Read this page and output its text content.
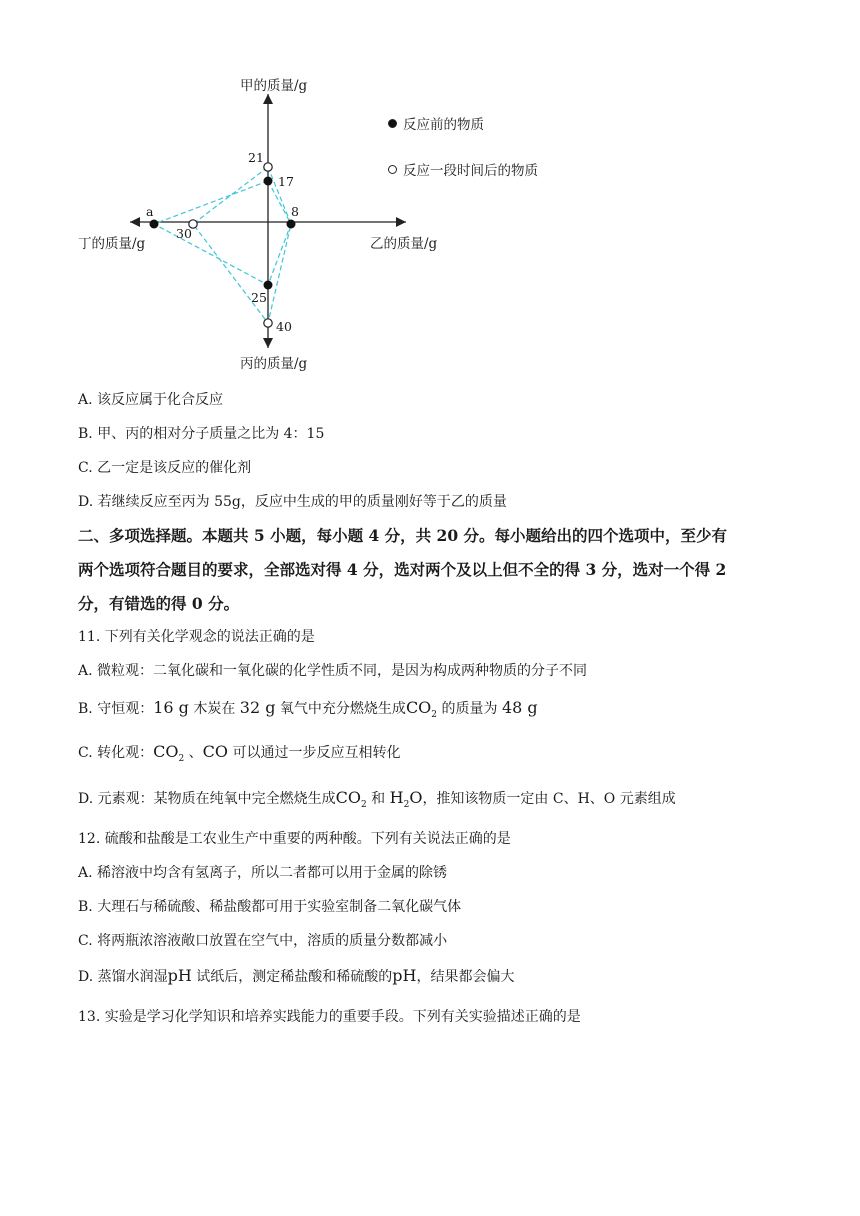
甲的质量/g
乙的质量/g
丙的质量/g
丁的质量/g
21
17
8
25
40
a
30
反应前的物质
反应一段时间后的物质
A. 该反应属于化合反应
B. 甲、丙的相对分子质量之比为 4：15
C. 乙一定是该反应的催化剂
D. 若继续反应至丙为 55g，反应中生成的甲的质量刚好等于乙的质量
二、多项选择题。本题共 5 小题，每小题 4 分，共 20 分。每小题给出的四个选项中，至少有
两个选项符合题目的要求，全部选对得 4 分，选对两个及以上但不全的得 3 分，选对一个得 2
分，有错选的得 0 分。
11. 下列有关化学观念的说法正确的是
A. 微粒观：二氧化碳和一氧化碳的化学性质不同，是因为构成两种物质的分子不同
B. 守恒观：16 g 木炭在 32 g 氧气中充分燃烧生成$CO_2$ 的质量为 48 g
C. 转化观：$CO_2$ 、CO 可以通过一步反应互相转化
D. 元素观：某物质在纯氧中完全燃烧生成$CO_2$ 和 $H_2O$，推知该物质一定由 C、H、O 元素组成
12. 硫酸和盐酸是工农业生产中重要的两种酸。下列有关说法正确的是
A. 稀溶液中均含有氢离子，所以二者都可以用于金属的除锈
B. 大理石与稀硫酸、稀盐酸都可用于实验室制备二氧化碳气体
C. 将两瓶浓溶液敞口放置在空气中，溶质的质量分数都减小
D. 蒸馏水润湿pH 试纸后，测定稀盐酸和稀硫酸的pH，结果都会偏大
13. 实验是学习化学知识和培养实践能力的重要手段。下列有关实验描述正确的是
